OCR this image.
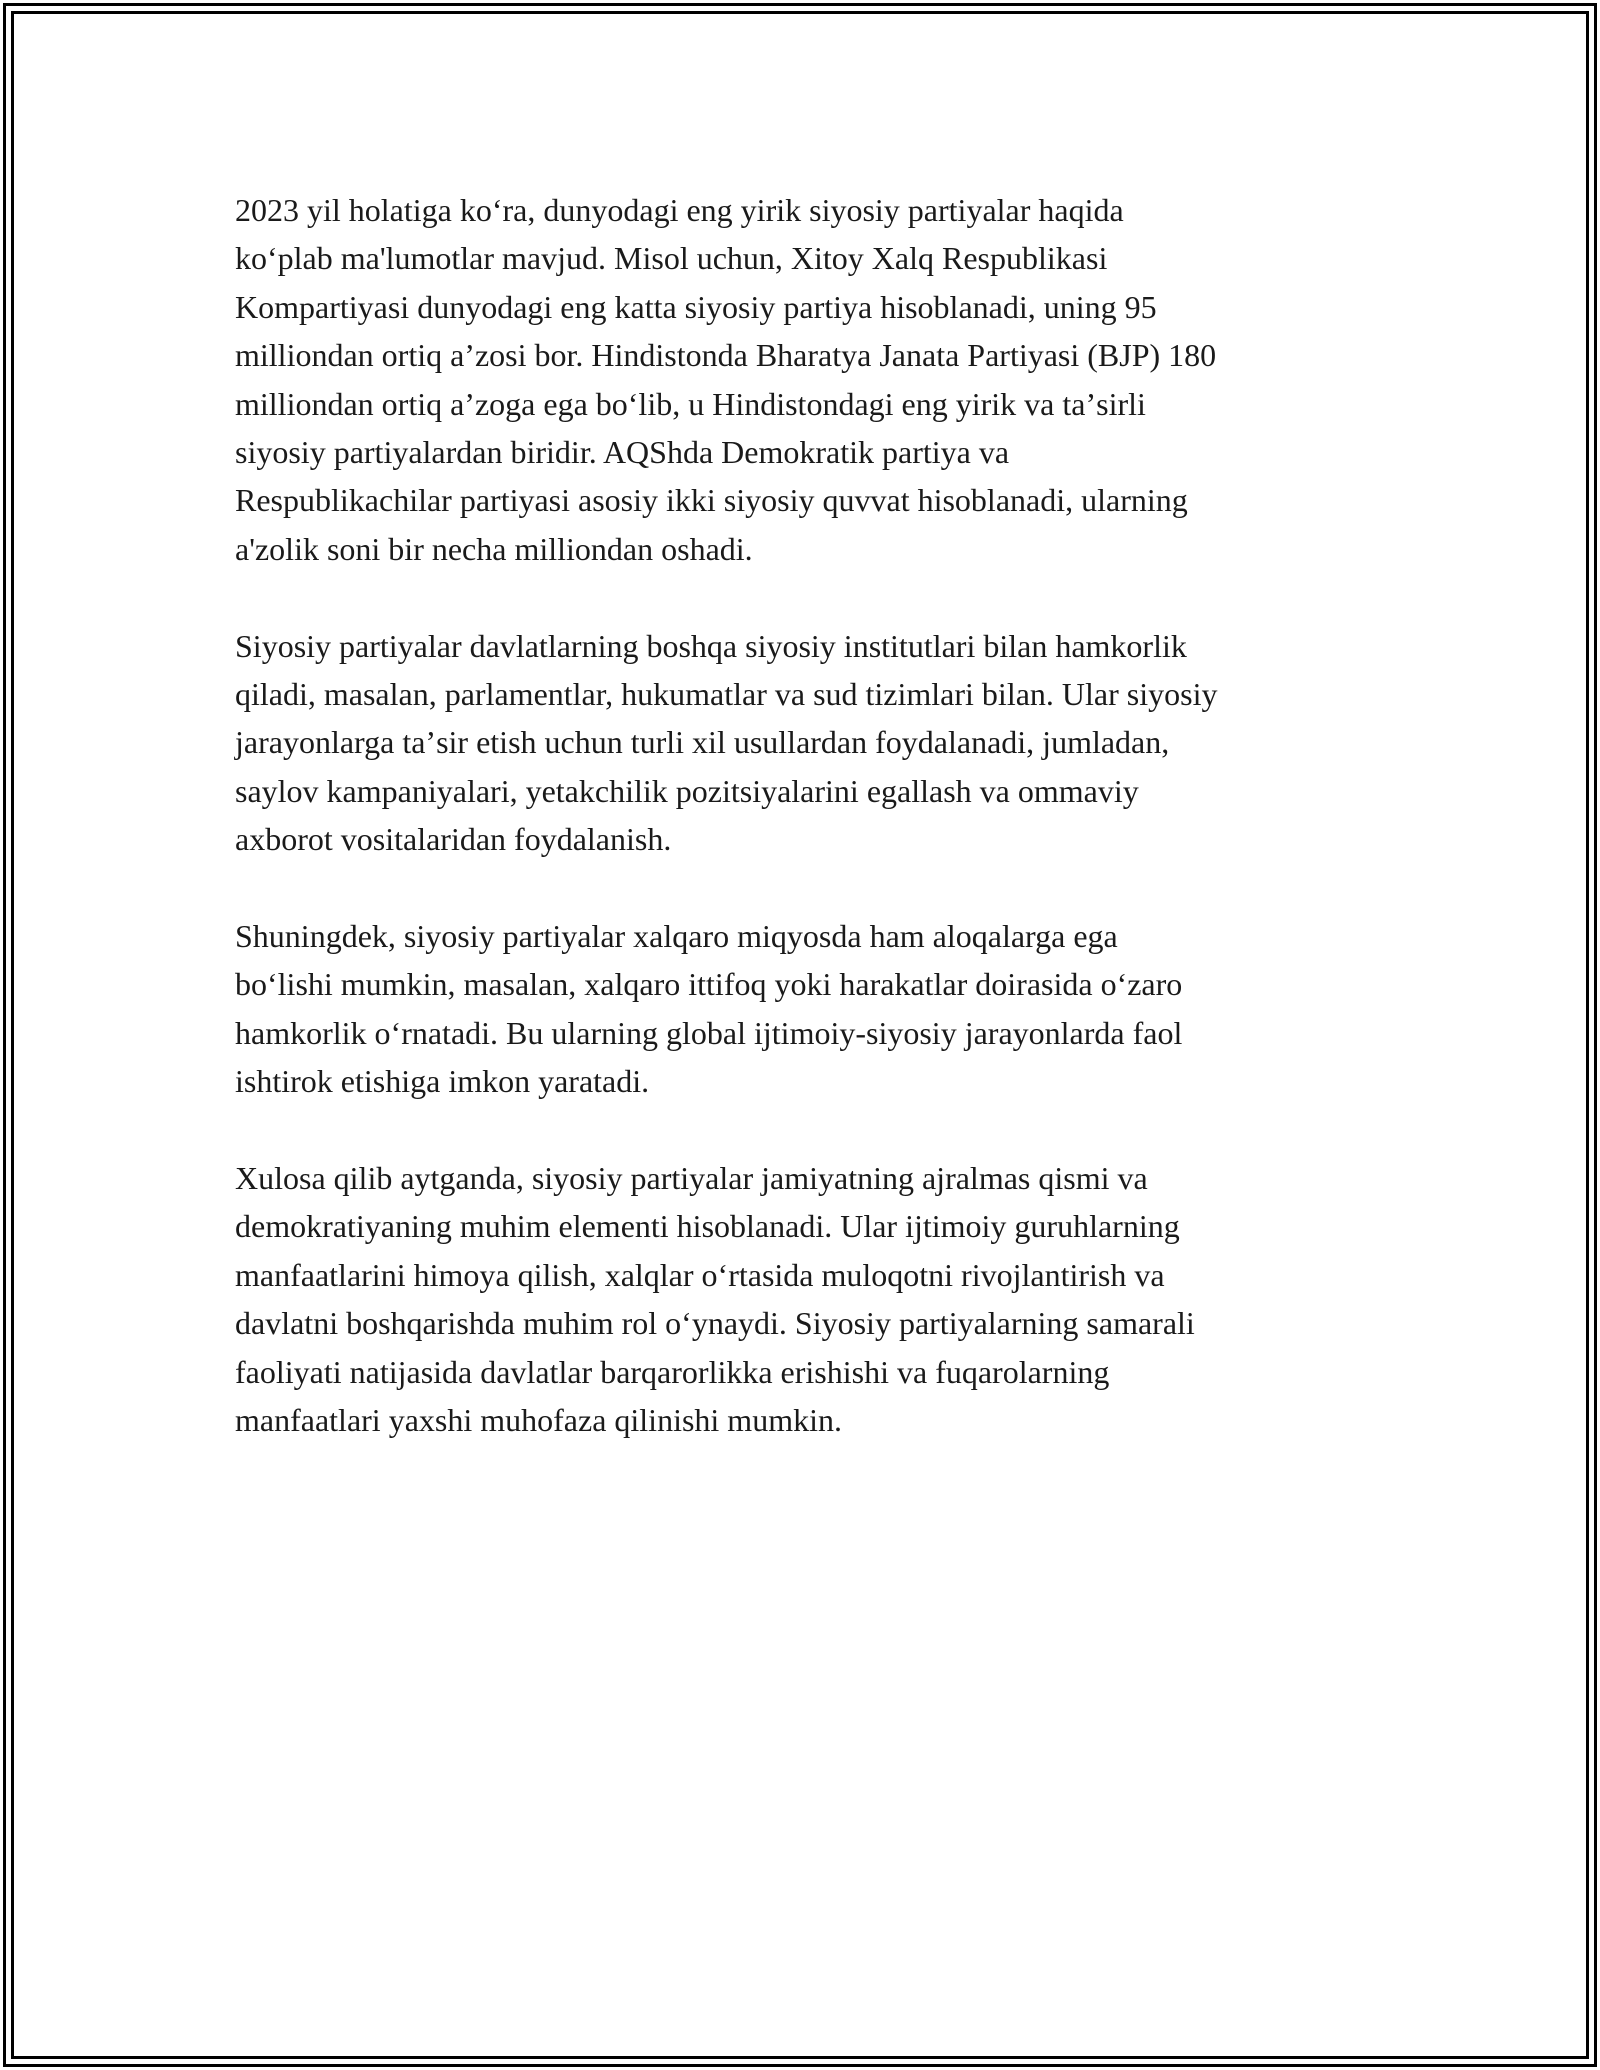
2023 yil holatiga koʻra, dunyodagi eng yirik siyosiy partiyalar haqida
koʻplab ma'lumotlar mavjud. Misol uchun, Xitoy Xalq Respublikasi
Kompartiyasi dunyodagi eng katta siyosiy partiya hisoblanadi, uning 95
milliondan ortiq aʼzosi bor. Hindistonda Bharatya Janata Partiyasi (BJP) 180
milliondan ortiq aʼzoga ega boʻlib, u Hindistondagi eng yirik va taʼsirli
siyosiy partiyalardan biridir. AQShda Demokratik partiya va
Respublikachilar partiyasi asosiy ikki siyosiy quvvat hisoblanadi, ularning
a'zolik soni bir necha milliondan oshadi.

Siyosiy partiyalar davlatlarning boshqa siyosiy institutlari bilan hamkorlik
qiladi, masalan, parlamentlar, hukumatlar va sud tizimlari bilan. Ular siyosiy
jarayonlarga taʼsir etish uchun turli xil usullardan foydalanadi, jumladan,
saylov kampaniyalari, yetakchilik pozitsiyalarini egallash va ommaviy
axborot vositalaridan foydalanish.

Shuningdek, siyosiy partiyalar xalqaro miqyosda ham aloqalarga ega
boʻlishi mumkin, masalan, xalqaro ittifoq yoki harakatlar doirasida oʻzaro
hamkorlik oʻrnatadi. Bu ularning global ijtimoiy-siyosiy jarayonlarda faol
ishtirok etishiga imkon yaratadi.

Xulosa qilib aytganda, siyosiy partiyalar jamiyatning ajralmas qismi va
demokratiyaning muhim elementi hisoblanadi. Ular ijtimoiy guruhlarning
manfaatlarini himoya qilish, xalqlar oʻrtasida muloqotni rivojlantirish va
davlatni boshqarishda muhim rol oʻynaydi. Siyosiy partiyalarning samarali
faoliyati natijasida davlatlar barqarorlikka erishishi va fuqarolarning
manfaatlari yaxshi muhofaza qilinishi mumkin.
